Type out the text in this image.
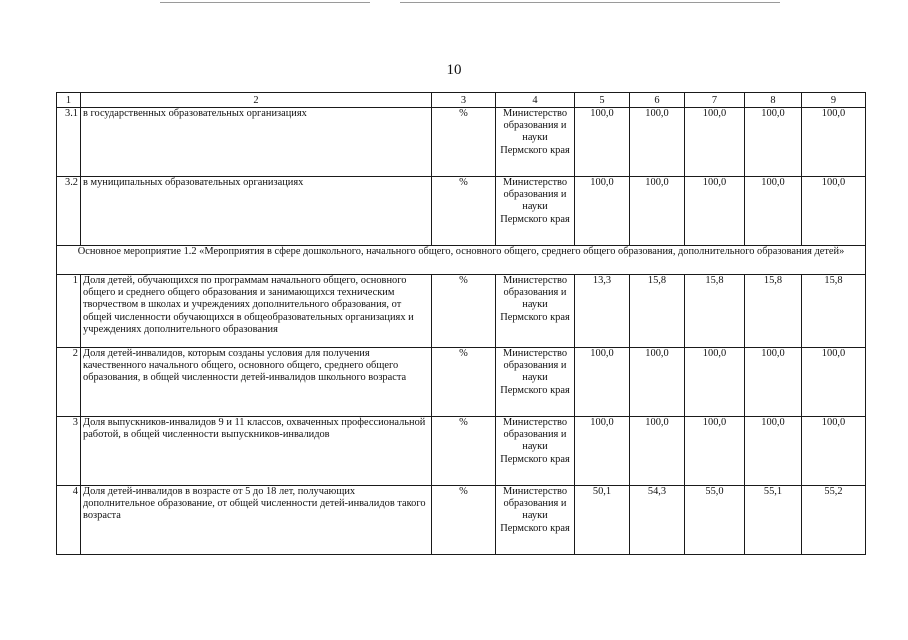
10
1	2	3	4	5	6	7	8	9
3.1	в государственных образовательных организациях	%	Министерство образования и науки Пермского края	100,0	100,0	100,0	100,0	100,0
3.2	в муниципальных образовательных организациях	%	Министерство образования и науки Пермского края	100,0	100,0	100,0	100,0	100,0
Основное мероприятие 1.2 «Мероприятия в сфере дошкольного, начального общего, основного общего, среднего общего образования, дополнительного образования детей»								
1	Доля детей, обучающихся по программам начального общего, основного общего и среднего общего образования и занимающихся техническим творчеством в школах и учреждениях дополнительного образования, от общей численности обучающихся в общеобразовательных организациях и учреждениях дополнительного образования	%	Министерство образования и науки Пермского края	13,3	15,8	15,8	15,8	15,8
2	Доля детей-инвалидов, которым созданы условия для получения качественного начального общего, основного общего, среднего общего образования, в общей численности детей-инвалидов школьного возраста	%	Министерство образования и науки Пермского края	100,0	100,0	100,0	100,0	100,0
3	Доля выпускников-инвалидов 9 и 11 классов, охваченных профессиональной работой, в общей численности выпускников-инвалидов	%	Министерство образования и науки Пермского края	100,0	100,0	100,0	100,0	100,0
4	Доля детей-инвалидов в возрасте от 5 до 18 лет, получающих дополнительное образование, от общей численности детей-инвалидов такого возраста	%	Министерство образования и науки Пермского края	50,1	54,3	55,0	55,1	55,2
